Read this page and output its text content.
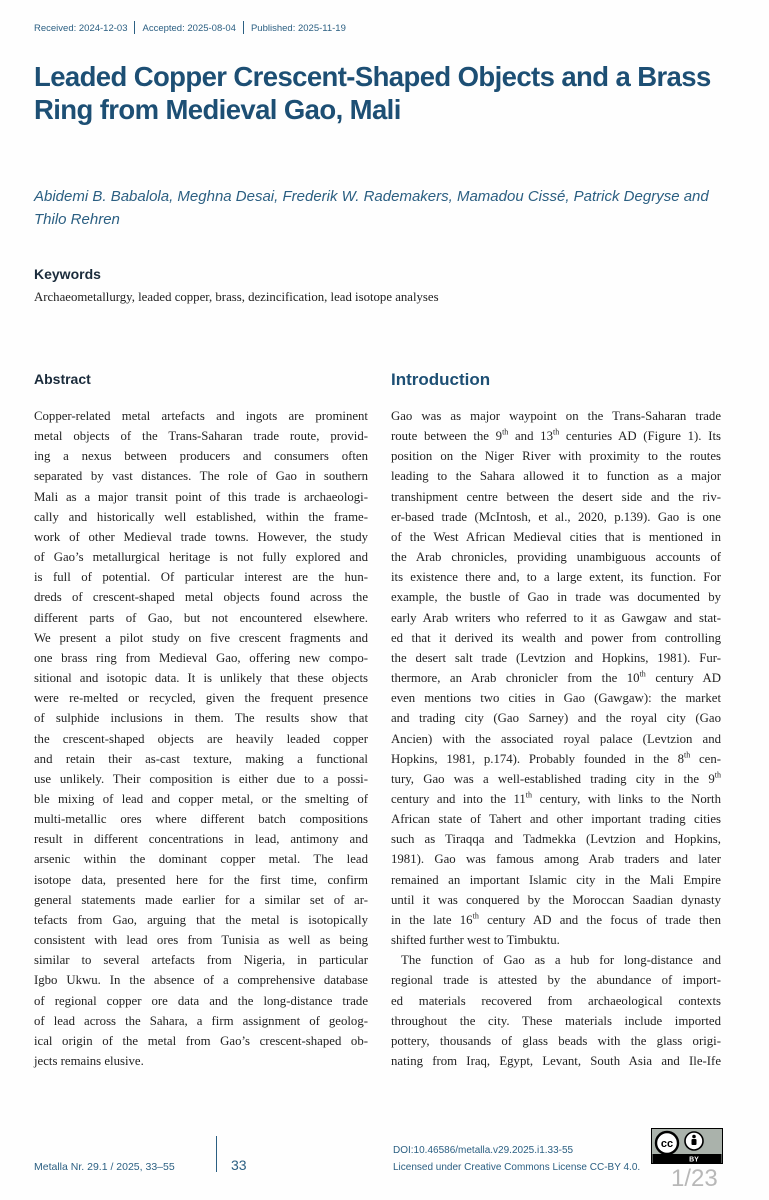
Received: 2024-12-03 Accepted: 2025-08-04 Published: 2025-11-19
Leaded Copper Crescent-Shaped Objects and a Brass Ring from Medieval Gao, Mali
Abidemi B. Babalola, Meghna Desai, Frederik W. Rademakers, Mamadou Cissé, Patrick Degryse and Thilo Rehren
Keywords
Archaeometallurgy, leaded copper, brass, dezincification, lead isotope analyses
Abstract	Introduction
Copper-related metal artefacts and ingots are prominent
metal objects of the Trans-Saharan trade route, provid-
ing a nexus between producers and consumers often
separated by vast distances. The role of Gao in southern
Mali as a major transit point of this trade is archaeologi-
cally and historically well established, within the frame-
work of other Medieval trade towns. However, the study
of Gao’s metallurgical heritage is not fully explored and
is full of potential. Of particular interest are the hun-
dreds of crescent-shaped metal objects found across the
different parts of Gao, but not encountered elsewhere.
We present a pilot study on five crescent fragments and
one brass ring from Medieval Gao, offering new compo-
sitional and isotopic data. It is unlikely that these objects
were re-melted or recycled, given the frequent presence
of sulphide inclusions in them. The results show that
the crescent-shaped objects are heavily leaded copper
and retain their as-cast texture, making a functional
use unlikely. Their composition is either due to a possi-
ble mixing of lead and copper metal, or the smelting of
multi-metallic ores where different batch compositions
result in different concentrations in lead, antimony and
arsenic within the dominant copper metal. The lead
isotope data, presented here for the first time, confirm
general statements made earlier for a similar set of ar-
tefacts from Gao, arguing that the metal is isotopically
consistent with lead ores from Tunisia as well as being
similar to several artefacts from Nigeria, in particular
Igbo Ukwu. In the absence of a comprehensive database
of regional copper ore data and the long-distance trade
of lead across the Sahara, a firm assignment of geolog-
ical origin of the metal from Gao’s crescent-shaped ob-
jects remains elusive.
Gao was as major waypoint on the Trans-Saharan trade
route between the 9th and 13th centuries AD (Figure 1). Its
position on the Niger River with proximity to the routes
leading to the Sahara allowed it to function as a major
transhipment centre between the desert side and the riv-
er-based trade (McIntosh, et al., 2020, p.139). Gao is one
of the West African Medieval cities that is mentioned in
the Arab chronicles, providing unambiguous accounts of
its existence there and, to a large extent, its function. For
example, the bustle of Gao in trade was documented by
early Arab writers who referred to it as Gawgaw and stat-
ed that it derived its wealth and power from controlling
the desert salt trade (Levtzion and Hopkins, 1981). Fur-
thermore, an Arab chronicler from the 10th century AD
even mentions two cities in Gao (Gawgaw): the market
and trading city (Gao Sarney) and the royal city (Gao
Ancien) with the associated royal palace (Levtzion and
Hopkins, 1981, p.174). Probably founded in the 8th cen-
tury, Gao was a well-established trading city in the 9th
century and into the 11th century, with links to the North
African state of Tahert and other important trading cities
such as Tiraqqa and Tadmekka (Levtzion and Hopkins,
1981). Gao was famous among Arab traders and later
remained an important Islamic city in the Mali Empire
until it was conquered by the Moroccan Saadian dynasty
in the late 16th century AD and the focus of trade then
shifted further west to Timbuktu.
The function of Gao as a hub for long-distance and
regional trade is attested by the abundance of import-
ed materials recovered from archaeological contexts
throughout the city. These materials include imported
pottery, thousands of glass beads with the glass origi-
nating from Iraq, Egypt, Levant, South Asia and Ile-Ife
Metalla Nr. 29.1 / 2025, 33–55	33
DOI:10.46586/metalla.v29.2025.i1.33-55
Licensed under Creative Commons License CC-BY 4.0.
cc
BY
1/23
